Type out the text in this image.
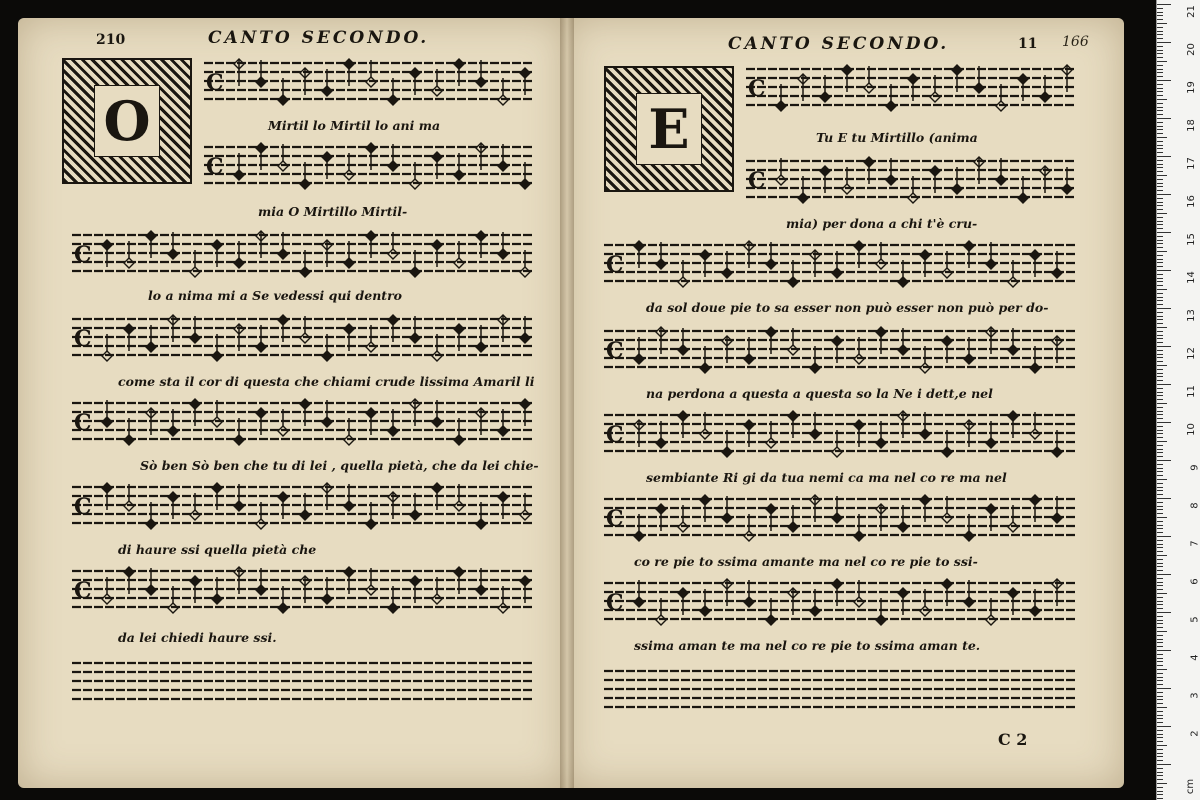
210	CANTO SECONDO.
O
C
C
C
C
C
C
C
Mirtil lo Mirtil lo ani ma
mia O Mirtillo Mirtil-
lo a nima mi a Se vedessi qui dentro
come sta il cor di questa che chiami crude lissima Amaril li
Sò ben Sò ben che tu di lei , quella pietà, che da lei chie-
di haure ssi quella pietà che
da lei chiedi haure ssi.
CANTO SECONDO.	11 166
E
C
C
C
C
C
C
C
Tu E tu Mirtillo (anima
mia) per dona a chi t'è cru-
da sol doue pie to sa esser non può esser non può per do-
na perdona a questa a questa so la Ne i dett,e nel
sembiante Ri gi da tua nemi ca ma nel co re ma nel
co re pie to ssima amante ma nel co re pie to ssi-
ssima aman te ma nel co re pie to ssima aman te.
C 2
cm
2
3
4
5
6
7
8
9
10
11
12
13
14
15
16
17
18
19
20
21
